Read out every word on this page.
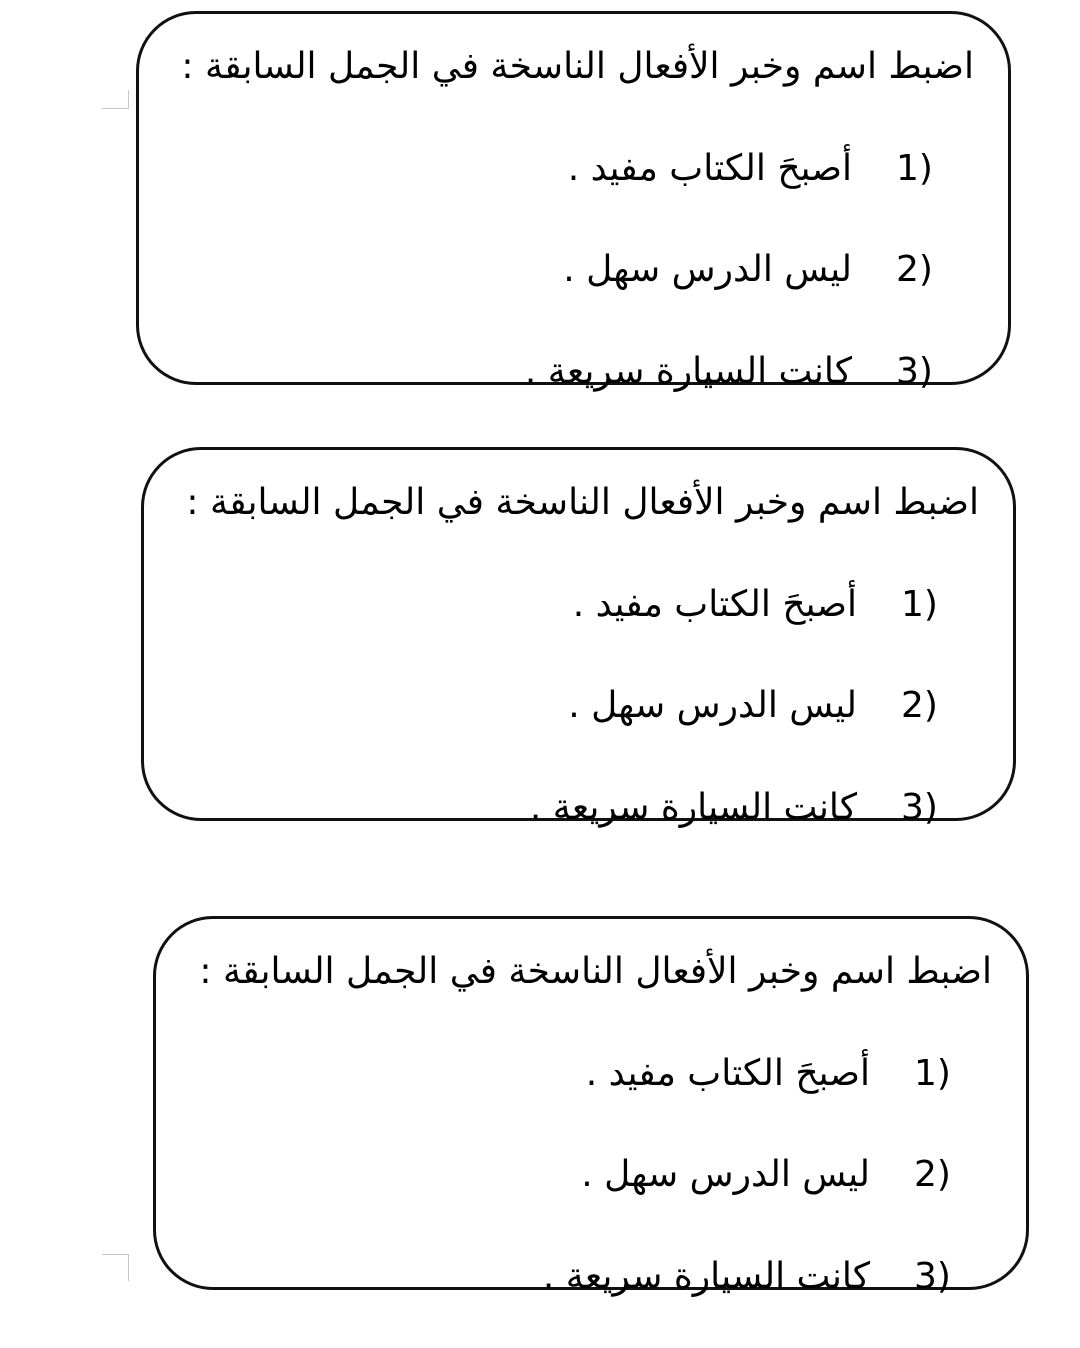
اضبط اسم وخبر الأفعال الناسخة في الجمل السابقة :
1)
أصبحَ الكتاب مفيد .
2)
ليس الدرس سهل .
3)
كانت السيارة سريعة .
اضبط اسم وخبر الأفعال الناسخة في الجمل السابقة :
1)
أصبحَ الكتاب مفيد .
2)
ليس الدرس سهل .
3)
كانت السيارة سريعة .
اضبط اسم وخبر الأفعال الناسخة في الجمل السابقة :
1)
أصبحَ الكتاب مفيد .
2)
ليس الدرس سهل .
3)
كانت السيارة سريعة .
